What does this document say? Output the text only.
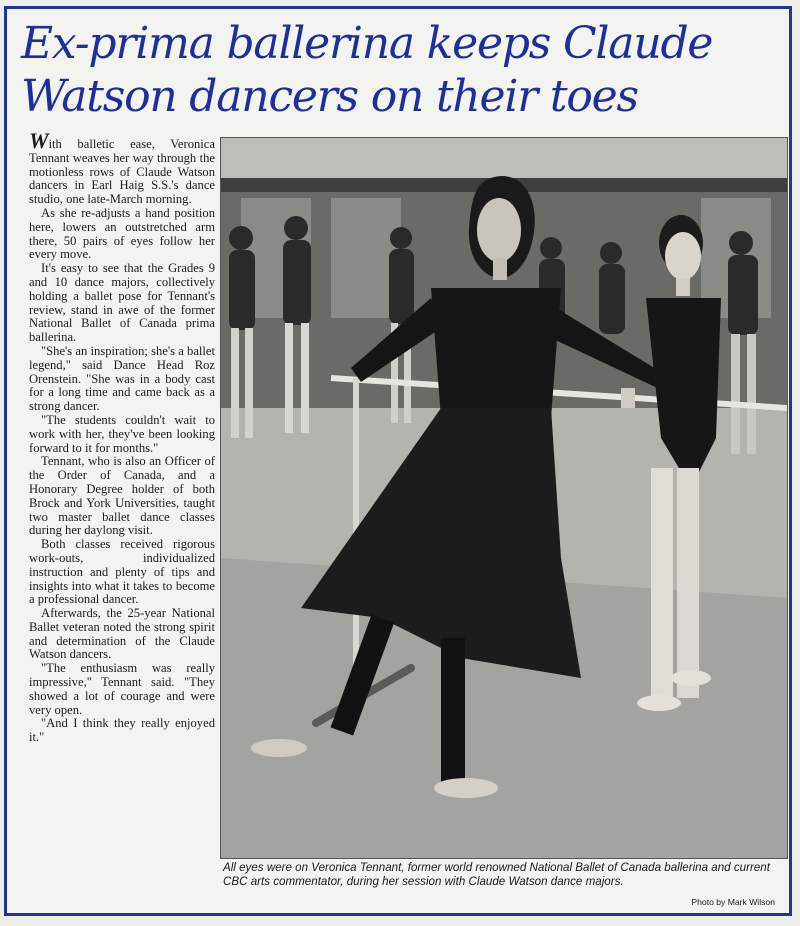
Ex-prima ballerina keeps Claude Watson dancers on their toes

With balletic ease, Veronica Tennant weaves her way through the motionless rows of Claude Watson dancers in Earl Haig S.S.'s dance studio, one late-March morning.

As she re-adjusts a hand position here, lowers an outstretched arm there, 50 pairs of eyes follow her every move.

It's easy to see that the Grades 9 and 10 dance majors, collectively holding a ballet pose for Tennant's review, stand in awe of the former National Ballet of Canada prima ballerina.

"She's an inspiration; she's a ballet legend," said Dance Head Roz Orenstein. "She was in a body cast for a long time and came back as a strong dancer.

"The students couldn't wait to work with her, they've been looking forward to it for months."

Tennant, who is also an Officer of the Order of Canada, and a Honorary Degree holder of both Brock and York Universities, taught two master ballet dance classes during her daylong visit.

Both classes received rigorous work-outs, individualized instruction and plenty of tips and insights into what it takes to become a professional dancer.

Afterwards, the 25-year National Ballet veteran noted the strong spirit and determination of the Claude Watson dancers.

"The enthusiasm was really impressive," Tennant said. "They showed a lot of courage and were very open.

"And I think they really enjoyed it."

All eyes were on Veronica Tennant, former world renowned National Ballet of Canada ballerina and current CBC arts commentator, during her session with Claude Watson dance majors.
Photo by Mark Wilson
